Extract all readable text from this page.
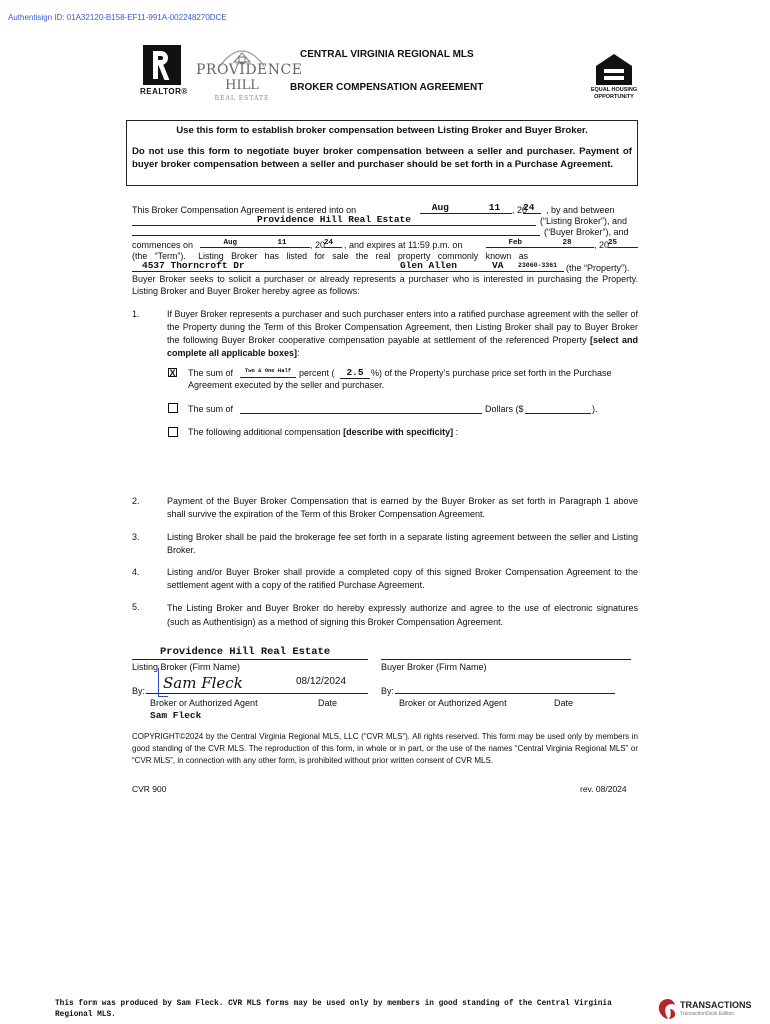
Authentisign ID: 01A32120-B158-EF11-991A-002248270DCE
REALTOR®
PROVIDENCE
HILL
REAL ESTATE
CENTRAL VIRGINIA REGIONAL MLS
BROKER COMPENSATION AGREEMENT	EQUAL HOUSING
OPPORTUNITY
Use this form to establish broker compensation between Listing Broker and Buyer Broker.
Do not use this form to negotiate buyer broker compensation between a seller and purchaser. Payment of buyer broker compensation between a seller and purchaser should be set forth in a Purchase Agreement.
This Broker Compensation Agreement is entered into on	Aug       11	, 20
24	, by and between
Providence Hill Real Estate	(“Listing Broker”), and
(“Buyer Broker”), and
commences on	Aug         11	, 20
24	, and expires at 11:59 p.m. on	Feb         28	, 20
25
(the   “Term”).     Listing   Broker   has   listed   for   sale   the   real   property   commonly   known   as
4537 Thorncroft Dr	Glen Allen	VA 23060-3361 (the “Property”).
Buyer Broker seeks to solicit a purchaser or already represents a purchaser who is interested in purchasing the Property. Listing Broker and Buyer Broker hereby agree as follows:
1.	If Buyer Broker represents a purchaser and such purchaser enters into a ratified purchase agreement with the seller of the Property during the Term of this Broker Compensation Agreement, then Listing Broker shall pay to Buyer Broker the following Buyer Broker cooperative compensation payable at settlement of the referenced Property [select and complete all applicable boxes]:
X The sum of	Two & One Half percent (	2.5 %) of the Property’s purchase price set forth in the Purchase
Agreement executed by the seller and purchaser.
The sum of	Dollars ($	).
The following additional compensation [describe with specificity] :
2.	Payment of the Buyer Broker Compensation that is earned by the Buyer Broker as set forth in Paragraph 1 above shall survive the expiration of the Term of this Broker Compensation Agreement.
3.	Listing Broker shall be paid the brokerage fee set forth in a separate listing agreement between the seller and Listing Broker.
4.	Listing and/or Buyer Broker shall provide a completed copy of this signed Broker Compensation Agreement to the settlement agent with a copy of the ratified Purchase Agreement.
5.	The Listing Broker and Buyer Broker do hereby expressly authorize and agree to the use of electronic signatures (such as Authentisign) as a method of signing this Broker Compensation Agreement.
Providence Hill Real Estate
Listing Broker (Firm Name)	Buyer Broker (Firm Name)
By: Sam Fleck	08/12/2024
Broker or Authorized Agent	Date
Sam Fleck
By:
Broker or Authorized Agent	Date
COPYRIGHT©2024 by the Central Virginia Regional MLS, LLC (“CVR MLS”). All rights reserved. This form may be used only by members in good standing of the CVR MLS. The reproduction of this form, in whole or in part, or the use of the names “Central Virginia Regional MLS” or “CVR MLS”, in connection with any other form, is prohibited without prior written consent of CVR MLS.
CVR 900	rev. 08/2024
This form was produced by Sam Fleck. CVR MLS forms may be used only by members in good standing of the Central Virginia Regional MLS.
TRANSACTIONS
TransactionDesk Edition
